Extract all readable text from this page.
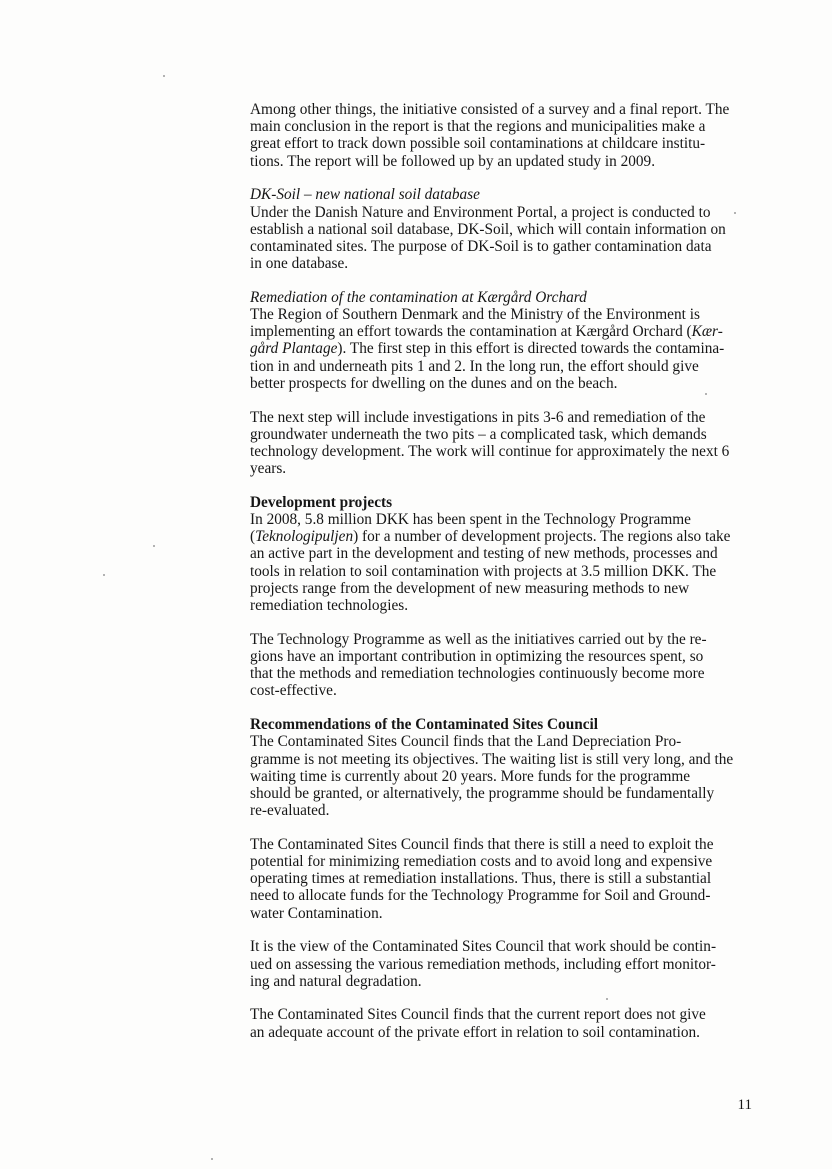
Among other things, the initiative consisted of a survey and a final report. The
main conclusion in the report is that the regions and municipalities make a
great effort to track down possible soil contaminations at childcare institu-
tions. The report will be followed up by an updated study in 2009.
DK-Soil – new national soil database
Under the Danish Nature and Environment Portal, a project is conducted to
establish a national soil database, DK-Soil, which will contain information on
contaminated sites. The purpose of DK-Soil is to gather contamination data
in one database.
Remediation of the contamination at Kærgård Orchard
The Region of Southern Denmark and the Ministry of the Environment is
implementing an effort towards the contamination at Kærgård Orchard (Kær-
gård Plantage). The first step in this effort is directed towards the contamina-
tion in and underneath pits 1 and 2. In the long run, the effort should give
better prospects for dwelling on the dunes and on the beach.
The next step will include investigations in pits 3-6 and remediation of the
groundwater underneath the two pits – a complicated task, which demands
technology development. The work will continue for approximately the next 6
years.
Development projects
In 2008, 5.8 million DKK has been spent in the Technology Programme
(Teknologipuljen) for a number of development projects. The regions also take
an active part in the development and testing of new methods, processes and
tools in relation to soil contamination with projects at 3.5 million DKK. The
projects range from the development of new measuring methods to new
remediation technologies.
The Technology Programme as well as the initiatives carried out by the re-
gions have an important contribution in optimizing the resources spent, so
that the methods and remediation technologies continuously become more
cost-effective.
Recommendations of the Contaminated Sites Council
The Contaminated Sites Council finds that the Land Depreciation Pro-
gramme is not meeting its objectives. The waiting list is still very long, and the
waiting time is currently about 20 years. More funds for the programme
should be granted, or alternatively, the programme should be fundamentally
re-evaluated.
The Contaminated Sites Council finds that there is still a need to exploit the
potential for minimizing remediation costs and to avoid long and expensive
operating times at remediation installations. Thus, there is still a substantial
need to allocate funds for the Technology Programme for Soil and Ground-
water Contamination.
It is the view of the Contaminated Sites Council that work should be contin-
ued on assessing the various remediation methods, including effort monitor-
ing and natural degradation.
The Contaminated Sites Council finds that the current report does not give
an adequate account of the private effort in relation to soil contamination.
11
